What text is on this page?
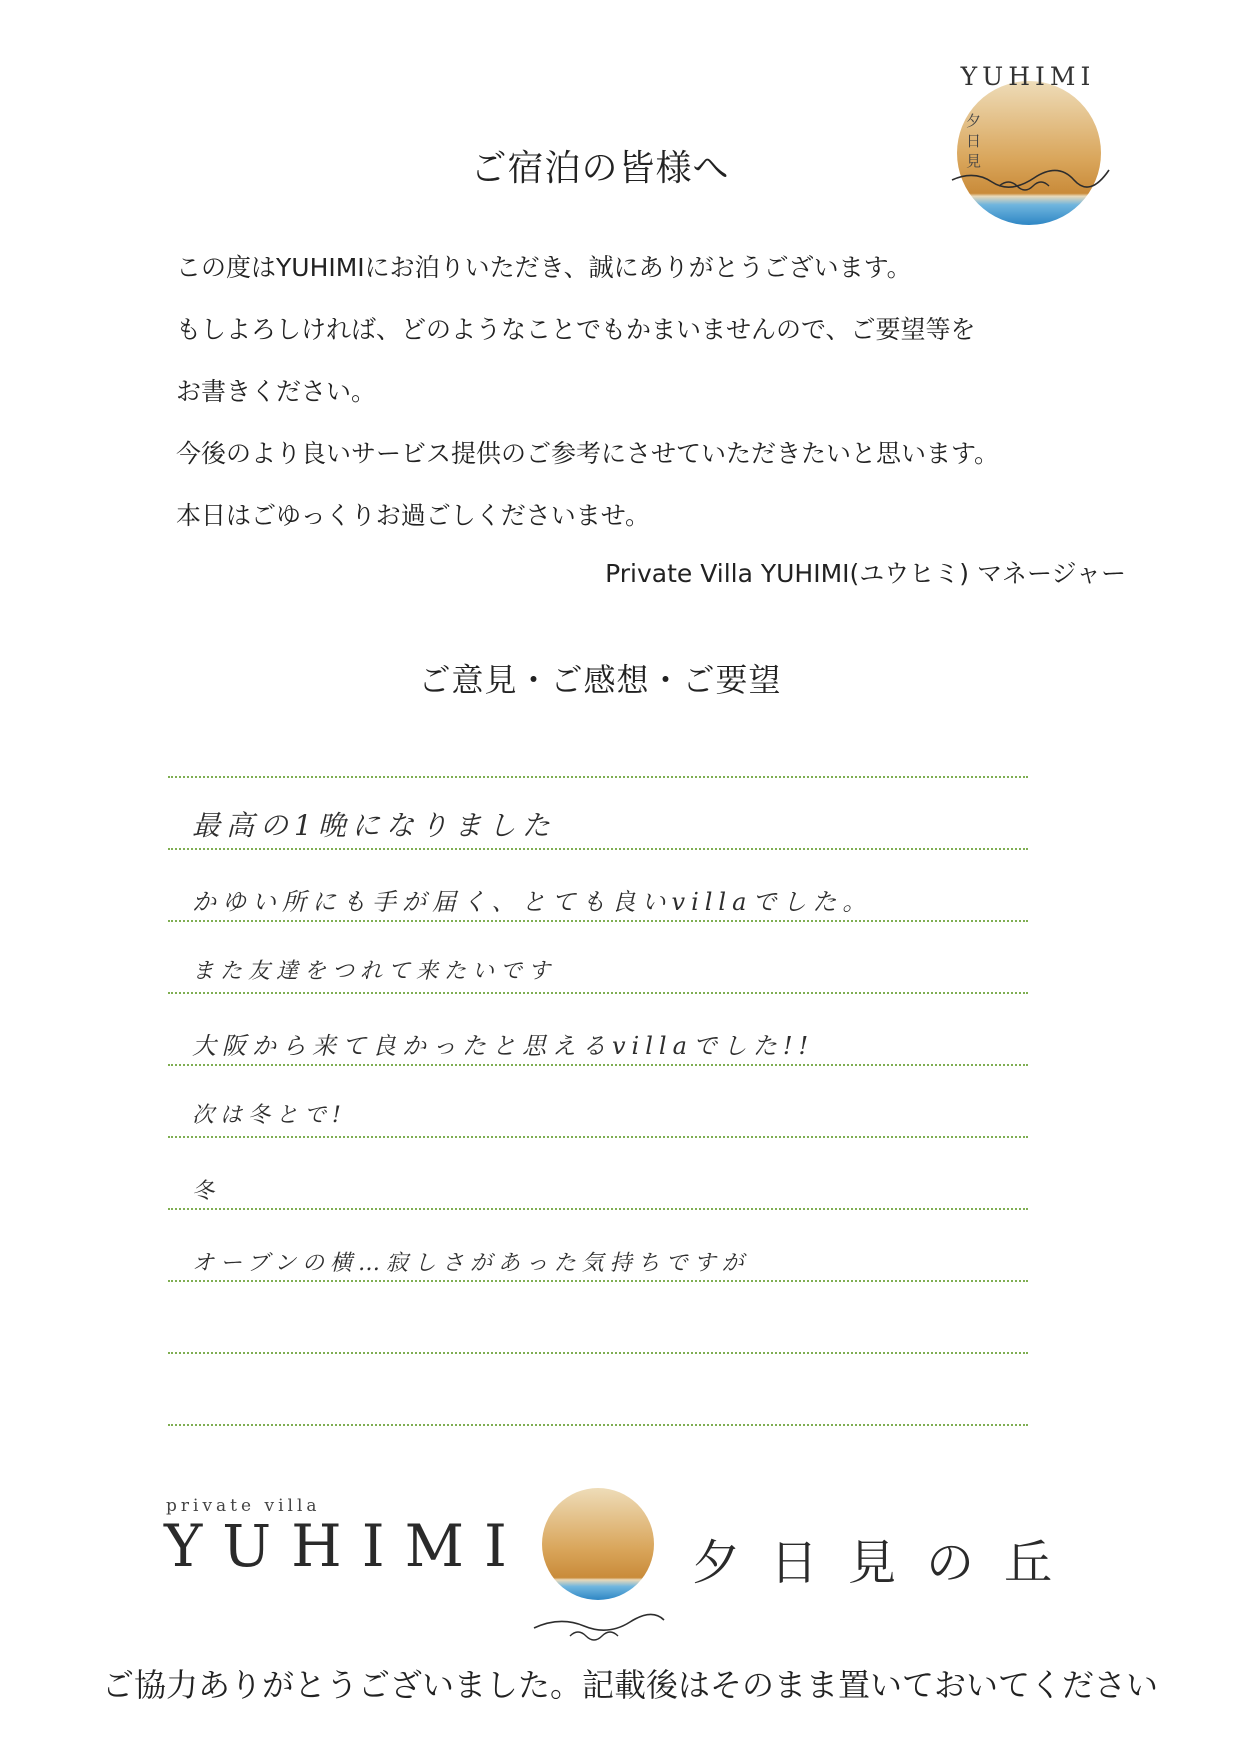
夕
日
見
YUHIMI
ご宿泊の皆様へ
この度はYUHIMIにお泊りいただき、誠にありがとうございます。
もしよろしければ、どのようなことでもかまいませんので、ご要望等を
お書きください。
今後のより良いサービス提供のご参考にさせていただきたいと思います。
本日はごゆっくりお過ごしくださいませ。
Private Villa YUHIMI(ユウヒミ) マネージャー
ご意見・ご感想・ご要望
最高の1晩になりました
かゆい所にも手が届く、とても良いvillaでした。
また友達をつれて来たいです
大阪から来て良かったと思えるvillaでした!!
次は冬とで!
冬
オーブンの横…寂しさがあった気持ちですが
private villa
YUHIMI	夕日見の丘
ご協力ありがとうございました。記載後はそのまま置いておいてください
